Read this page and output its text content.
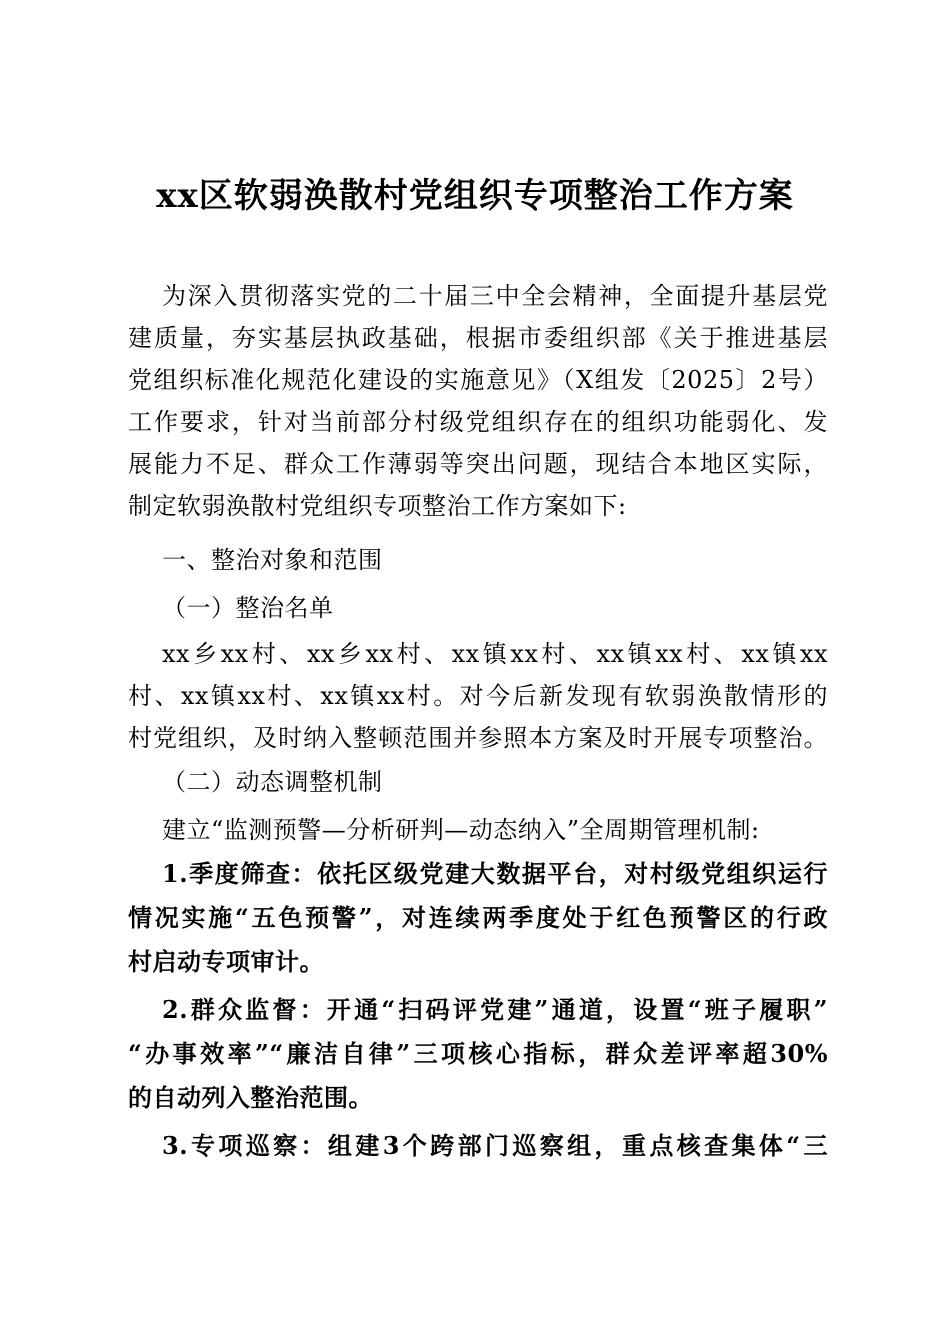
xx区软弱涣散村党组织专项整治工作方案
为深入贯彻落实党的二十届三中全会精神，全面提升基层党
建质量，夯实基层执政基础，根据市委组织部《关于推进基层
党组织标准化规范化建设的实施意见》（X组发〔2025〕2号）
工作要求，针对当前部分村级党组织存在的组织功能弱化、发
展能力不足、群众工作薄弱等突出问题，现结合本地区实际，
制定软弱涣散村党组织专项整治工作方案如下:
一、整治对象和范围
（一）整治名单
xx乡xx村、xx乡xx村、xx镇xx村、xx镇xx村、xx镇xx
村、xx镇xx村、xx镇xx村。对今后新发现有软弱涣散情形的
村党组织，及时纳入整顿范围并参照本方案及时开展专项整治。
（二）动态调整机制
建立“监测预警—分析研判—动态纳入”全周期管理机制:
1.季度筛查：依托区级党建大数据平台，对村级党组织运行
情况实施“五色预警”，对连续两季度处于红色预警区的行政
村启动专项审计。
2.群众监督：开通“扫码评党建”通道，设置“班子履职”
“办事效率”“廉洁自律”三项核心指标，群众差评率超30%
的自动列入整治范围。
3.专项巡察：组建3个跨部门巡察组，重点核查集体“三
